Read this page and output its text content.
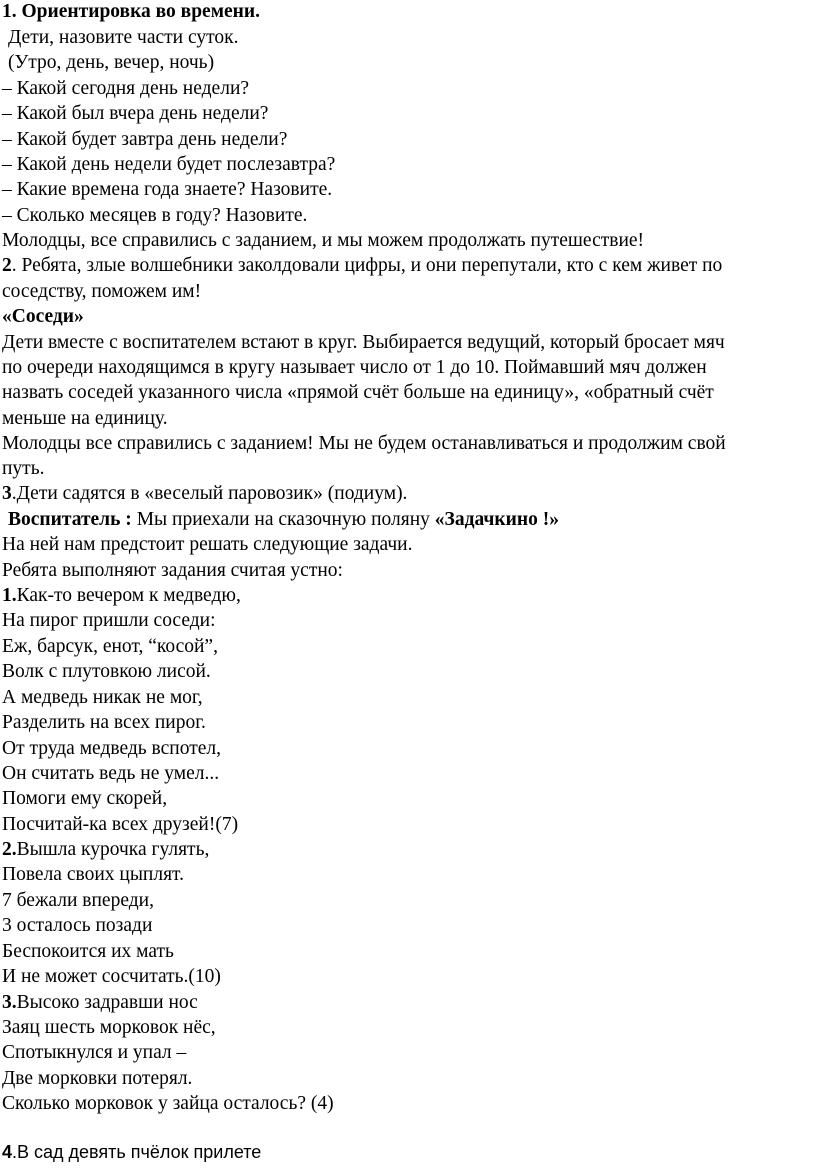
1. Ориентировка во времени.
Дети, назовите части суток.
(Утро, день, вечер, ночь)
– Какой сегодня день недели?
– Какой был вчера день недели?
– Какой будет завтра день недели?
– Какой день недели будет послезавтра?
– Какие времена года знаете? Назовите.
– Сколько месяцев в году? Назовите.
Молодцы, все справились с заданием, и мы можем продолжать путешествие!
2. Ребята, злые волшебники заколдовали цифры, и они перепутали, кто с кем живет по
соседству, поможем им!
«Соседи»
Дети вместе с воспитателем встают в круг. Выбирается ведущий, который бросает мяч
по очереди находящимся в кругу называет число от 1 до 10. Поймавший мяч должен
назвать соседей указанного числа «прямой счёт больше на единицу», «обратный счёт
меньше на единицу.
Молодцы все справились с заданием! Мы не будем останавливаться и продолжим свой
путь.
3.Дети садятся в «веселый паровозик» (подиум).
Воспитатель : Мы приехали на сказочную поляну «Задачкино !»
На ней нам предстоит решать следующие задачи.
Ребята выполняют задания считая устно:
1.Как-то вечером к медведю,
На пирог пришли соседи:
Еж, барсук, енот, “косой”,
Волк с плутовкою лисой.
А медведь никак не мог,
Разделить на всех пирог.
От труда медведь вспотел,
Он считать ведь не умел...
Помоги ему скорей,
Посчитай-ка всех друзей!(7)
2.Вышла курочка гулять,
Повела своих цыплят.
7 бежали впереди,
3 осталось позади
Беспокоится их мать
И не может сосчитать.(10)
3.Высоко задравши нос
Заяц шесть морковок нёс,
Спотыкнулся и упал –
Две морковки потерял.
Сколько морковок у зайца осталось? (4)
4.В сад девять пчёлок прилете
